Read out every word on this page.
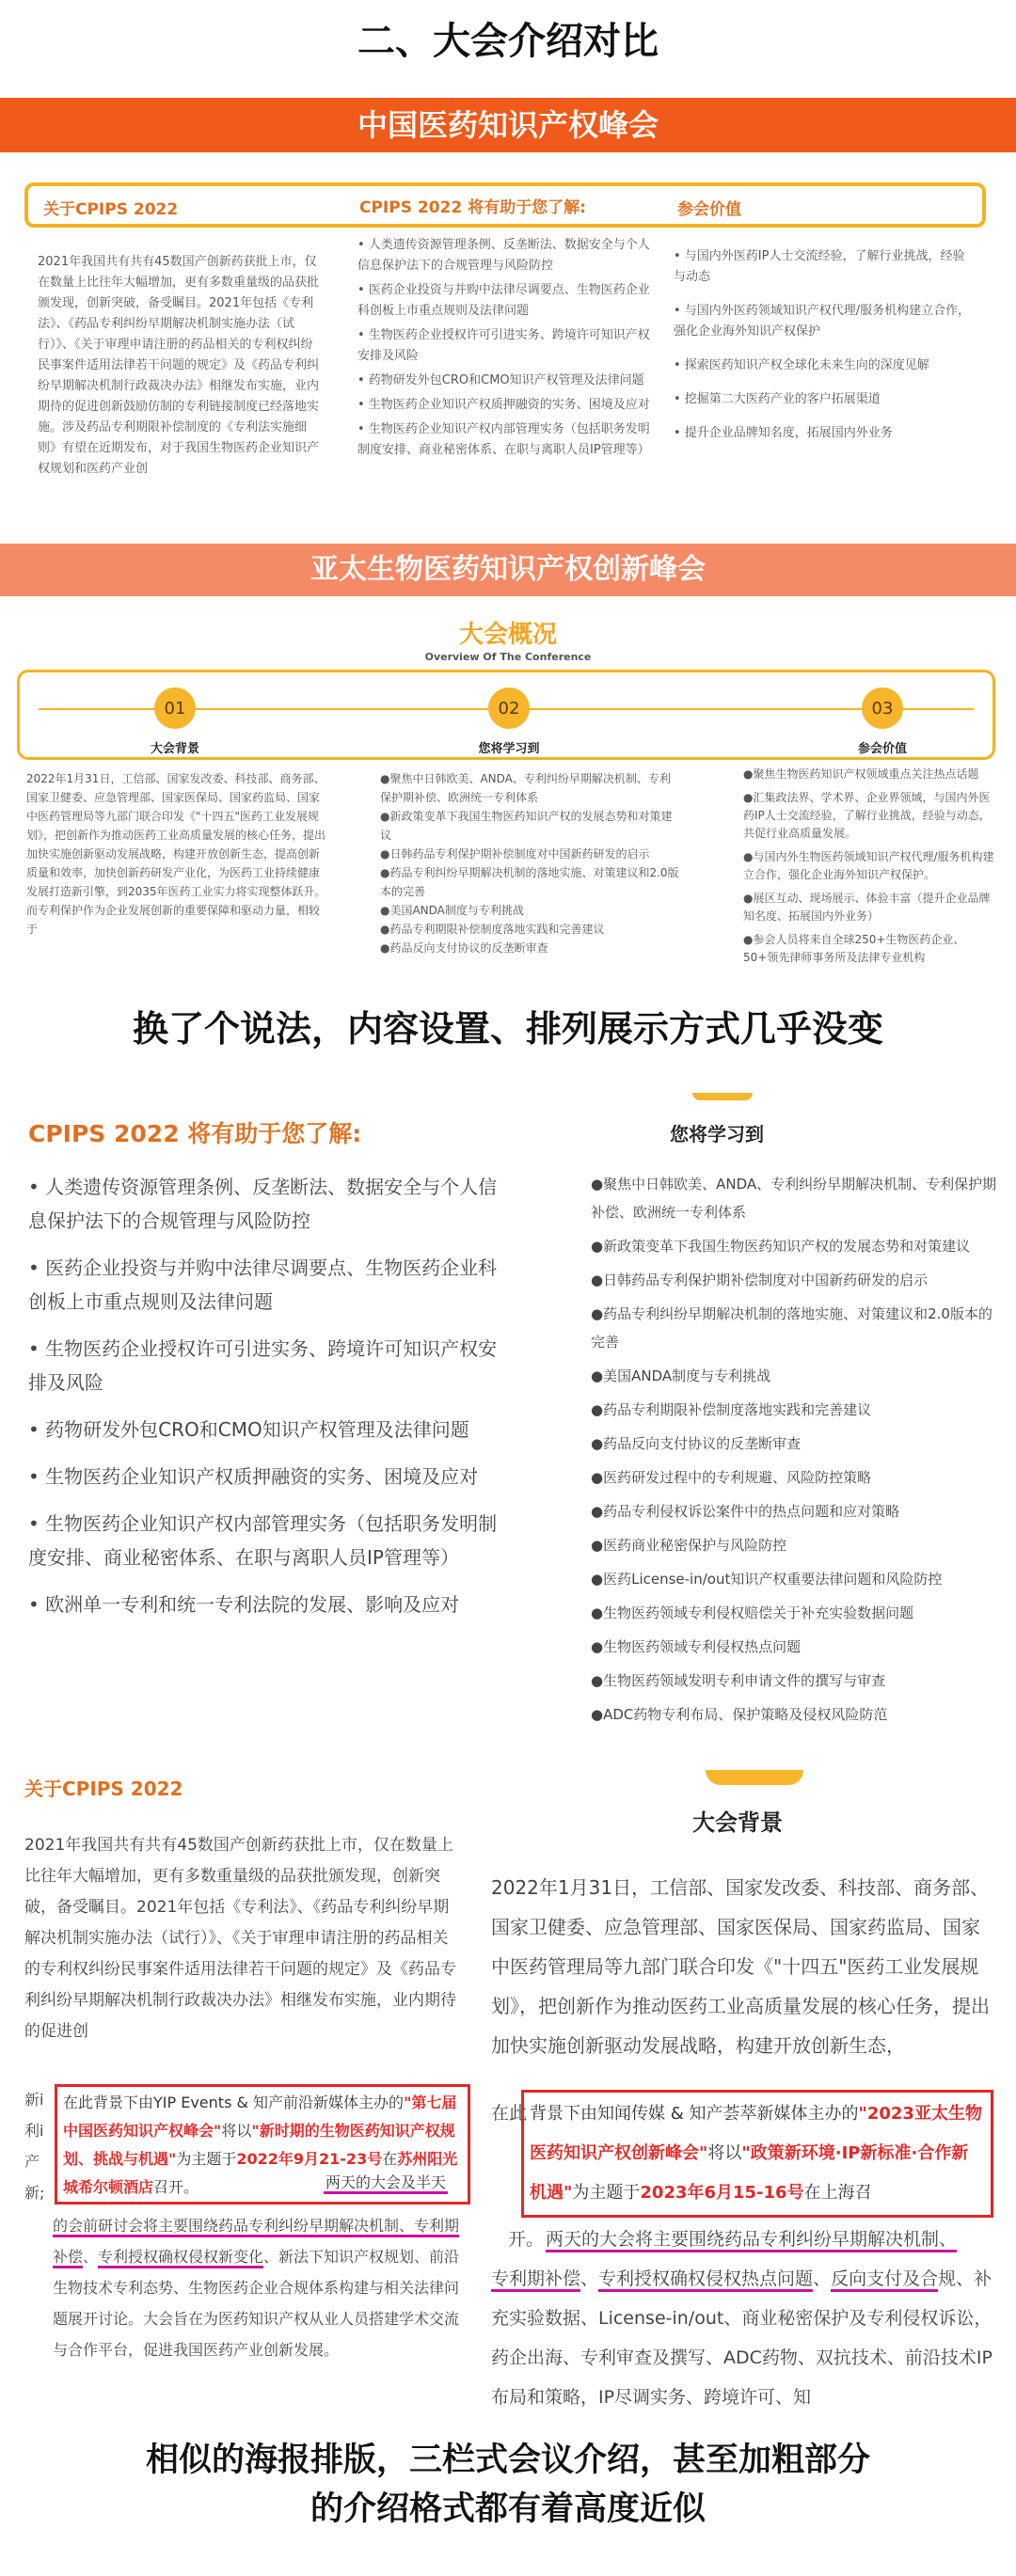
二、大会介绍对比
中国医药知识产权峰会
关于CPIPS 2022	CPIPS 2022 将有助于您了解:	参会价值
2021年我国共有共有45数国产创新药获批上市，仅在数量上比往年大幅增加，更有多数重量级的品获批颁发现，创新突破，备受瞩目。2021年包括《专利法》、《药品专利纠纷早期解决机制实施办法（试行）》、《关于审理申请注册的药品相关的专利权纠纷民事案件适用法律若干问题的规定》及《药品专利纠纷早期解决机制行政裁决办法》相继发布实施，业内期待的促进创新鼓励仿制的专利链接制度已经落地实施。涉及药品专利期限补偿制度的《专利法实施细则》有望在近期发布，对于我国生物医药企业知识产权规划和医药产业创
• 人类遗传资源管理条例、反垄断法、数据安全与个人信息保护法下的合规管理与风险防控
• 医药企业投资与并购中法律尽调要点、生物医药企业科创板上市重点规则及法律问题
• 生物医药企业授权许可引进实务、跨境许可知识产权安排及风险
• 药物研发外包CRO和CMO知识产权管理及法律问题
• 生物医药企业知识产权质押融资的实务、困境及应对
• 生物医药企业知识产权内部管理实务（包括职务发明制度安排、商业秘密体系、在职与离职人员IP管理等）
• 与国内外医药IP人士交流经验，了解行业挑战，经验与动态
• 与国内外医药领域知识产权代理/服务机构建立合作，强化企业海外知识产权保护
• 探索医药知识产权全球化未来生向的深度见解
• 挖掘第二大医药产业的客户拓展渠道
• 提升企业品牌知名度，拓展国内外业务
亚太生物医药知识产权创新峰会
大会概况
Overview Of The Conference
01
大会背景
02
您将学习到
03
参会价值
2022年1月31日，工信部、国家发改委、科技部、商务部、国家卫健委、应急管理部、国家医保局、国家药监局、国家中医药管理局等九部门联合印发《"十四五"医药工业发展规划》，把创新作为推动医药工业高质量发展的核心任务，提出加快实施创新驱动发展战略，构建开放创新生态，提高创新质量和效率，加快创新药研发产业化，为医药工业持续健康发展打造新引擎，到2035年医药工业实力将实现整体跃升。而专利保护作为企业发展创新的重要保障和驱动力量，相较于
●聚焦中日韩欧美、ANDA、专利纠纷早期解决机制、专利保护期补偿、欧洲统一专利体系
●新政策变革下我国生物医药知识产权的发展态势和对策建议
●日韩药品专利保护期补偿制度对中国新药研发的启示
●药品专利纠纷早期解决机制的落地实施、对策建议和2.0版本的完善
●美国ANDA制度与专利挑战
●药品专利期限补偿制度落地实践和完善建议
●药品反向支付协议的反垄断审查
●聚焦生物医药知识产权领域重点关注热点话题
●汇集政法界、学术界、企业界领域，与国内外医药IP人士交流经验，了解行业挑战，经验与动态，共促行业高质量发展。
●与国内外生物医药领域知识产权代理/服务机构建立合作，强化企业海外知识产权保护。
●展区互动、现场展示、体验丰富（提升企业品牌知名度、拓展国内外业务）
●参会人员将来自全球250+生物医药企业、50+领先律师事务所及法律专业机构
换了个说法，内容设置、排列展示方式几乎没变
CPIPS 2022 将有助于您了解:	您将学习到
• 人类遗传资源管理条例、反垄断法、数据安全与个人信息保护法下的合规管理与风险防控
• 医药企业投资与并购中法律尽调要点、生物医药企业科创板上市重点规则及法律问题
• 生物医药企业授权许可引进实务、跨境许可知识产权安排及风险
• 药物研发外包CRO和CMO知识产权管理及法律问题
• 生物医药企业知识产权质押融资的实务、困境及应对
• 生物医药企业知识产权内部管理实务（包括职务发明制度安排、商业秘密体系、在职与离职人员IP管理等）
• 欧洲单一专利和统一专利法院的发展、影响及应对
●聚焦中日韩欧美、ANDA、专利纠纷早期解决机制、专利保护期补偿、欧洲统一专利体系
●新政策变革下我国生物医药知识产权的发展态势和对策建议
●日韩药品专利保护期补偿制度对中国新药研发的启示
●药品专利纠纷早期解决机制的落地实施、对策建议和2.0版本的完善
●美国ANDA制度与专利挑战
●药品专利期限补偿制度落地实践和完善建议
●药品反向支付协议的反垄断审查
●医药研发过程中的专利规避、风险防控策略
●药品专利侵权诉讼案件中的热点问题和应对策略
●医药商业秘密保护与风险防控
●医药License-in/out知识产权重要法律问题和风险防控
●生物医药领域专利侵权赔偿关于补充实验数据问题
●生物医药领域专利侵权热点问题
●生物医药领域发明专利申请文件的撰写与审查
●ADC药物专利布局、保护策略及侵权风险防范
关于CPIPS 2022
大会背景
2021年我国共有共有45数国产创新药获批上市，仅在数量上比往年大幅增加，更有多数重量级的品获批颁发现，创新突破，备受瞩目。2021年包括《专利法》、《药品专利纠纷早期解决机制实施办法（试行）》、《关于审理申请注册的药品相关的专利权纠纷民事案件适用法律若干问题的规定》及《药品专利纠纷早期解决机制行政裁决办法》相继发布实施，业内期待的促进创
新i
利i
产
新;
在此背景下由YIP Events & 知产前沿新媒体主办的"第七届中国医药知识产权峰会"将以"新时期的生物医药知识产权规划、挑战与机遇"为主题于2022年9月21-23号在苏州阳光城希尔顿酒店召开。	两天的大会及半天
的会前研讨会将主要围绕药品专利纠纷早期解决机制、专利期补偿、专利授权确权侵权新变化、新法下知识产权规划、前沿生物技术专利态势、生物医药企业合规体系构建与相关法律问题展开讨论。大会旨在为医药知识产权从业人员搭建学术交流与合作平台，促进我国医药产业创新发展。
2022年1月31日，工信部、国家发改委、科技部、商务部、国家卫健委、应急管理部、国家医保局、国家药监局、国家中医药管理局等九部门联合印发《"十四五"医药工业发展规划》，把创新作为推动医药工业高质量发展的核心任务，提出加快实施创新驱动发展战略，构建开放创新生态，
在此 背景下由知闻传媒 & 知产荟萃新媒体主办的"2023亚太生物医药知识产权创新峰会"将以"政策新环境·IP新标准·合作新机遇"为主题于2023年6月15-16号在上海召
开。 两天的大会将主要围绕药品专利纠纷早期解决机制、
专利期补偿、专利授权确权侵权热点问题、反向支付及合规、补充实验数据、License-in/out、商业秘密保护及专利侵权诉讼，药企出海、专利审查及撰写、ADC药物、双抗技术、前沿技术IP布局和策略，IP尽调实务、跨境许可、知
相似的海报排版，三栏式会议介绍，甚至加粗部分
的介绍格式都有着高度近似
